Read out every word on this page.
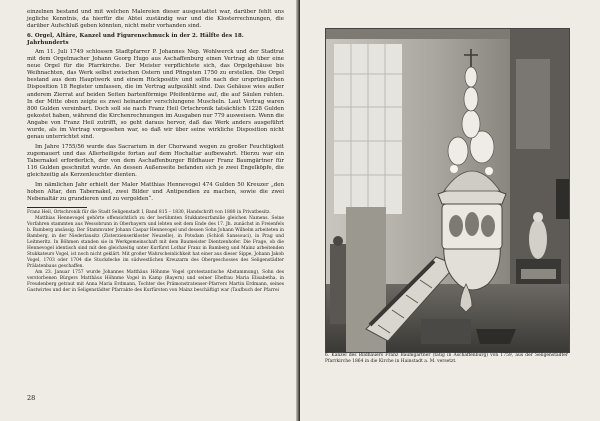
einzelnen bestand und mit welchen Malereien dieser ausgestattet war, darüber fehlt uns jegliche Kenntnis, da hierfür die Abtei zuständig war und die Klosterrechnungen, die darüber Aufschluß geben könnten, nicht mehr vorhanden sind.

6. Orgel, Altäre, Kanzel und Figurenschmuck in der 2. Hälfte des 18. Jahrhunderts

Am 11. Juli 1749 schlossen Stadtpfarrer P. Johannes Nep. Wohlwerck und der Stadtrat mit dem Orgelmacher Johann Georg Hugo aus Aschaffenburg einen Vertrag ab über eine neue Orgel für die Pfarrkirche. Der Meister verpflichtete sich, das Orgelgehäuse bis Weihnachten, das Werk selbst zwischen Ostern und Pfingsten 1750 zu erstellen. Die Orgel bestand aus dem Hauptwerk und einem Rückpositiv und sollte nach der ursprünglichen Disposition 18 Register umfassen, die im Vertrag aufgezählt sind. Das Gehäuse wies außer anderem Zierrat auf beiden Seiten bartenförmige Pfeifentürme auf, die auf Säulen ruhten. In der Mitte oben zeigte es zwei heinander verschlungene Muscheln. Laut Vertrag waren 800 Gulden vereinbart. Doch soll sie nach Franz Heil Ortschronik tatsächlich 1228 Gulden gekostet haben, während die Kirchenrechnungen im Ausgaben nur 779 ausweisen. Wenn die Angabe von Franz Heil zutrifft, so geht daraus hervor, daß das Werk anders ausgeführt wurde, als im Vertrag vorgesehen war, so daß wir über seine wirkliche Disposition nicht genau unterrichtet sind.

Im Jahre 1755/56 wurde das Sacrarium in der Chorwand wegen zu großer Feuchtigkeit zugemauert und das Allerheiligste fortan auf dem Hochaltar aufbewahrt. Hierzu war ein Tabernakel erforderlich, der von dem Aschaffenburger Bildhauer Franz Baumgärtner für 116 Gulden geschnitzt wurde. An dessen Außenseite befanden sich je zwei Engelköpfe, die gleichzeitig als Kerzenleuchter dienten.

Im nämlichen Jahr erhielt der Maler Matthias Hennevogel 474 Gulden 50 Kreuzer „den hohen Altar, den Tabernakel, zwei Bilder und Antipendien zu machen, sowie die zwei Nebenaltär zu grundieren und zu vergolden“.

Franz Heil, Ortschronik für die Stadt Seligenstadt I, Band 815 – 1830, Handschrift von 1880 in Privatbesitz.

Matthias Hennevogel gehörte offensichtlich zu der berühmten Stukkateurfamilie gleichen Namens. Seine Vorfahren stammten aus Wessobrunn in Oberbayern und lebten seit dem Ende des 17. Jh. zunächst in Freienfels b. Bamberg ansässig. Der Stammvater Johann Caspar Hennevogel und dessen Sohn Johann Wilhelm arbeiteten in Bamberg, in der Niederlausitz (Zisterzienserkloster Neuzelle), in Potsdam (Schloß Sanssouci), in Prag und Leitmeritz. In Böhmen standen sie in Werkgemeinschaft mit dem Baumeister Dientzenhofer. Die Frage, ob die Hennevogel identisch sind mit den gleichzeitig unter Kurfürst Lothar Franz in Bamberg und Mainz arbeitenden Stukkateurs Vogel, ist noch nicht geklärt. Mit großer Wahrscheinlichkeit hat einer aus dieser Sippe, Johann Jakob Vogel, 1703 oder 1704 die Stuckdecke im südwestlichen Kreuzarm des Obergeschosses des Seligenstädter Prälatenbaus geschaffen.

Am 23. Januar 1757 wurde Johannes Matthäus Höhnme Vogel (protestantische Abstammung), Sohn des verstorbenen Bürgers Matthäus Höhnme Vogel in Kamp (Bayern) und seiner Ehefrau Maria Elisabetha, in Freudenberg getraut mit Anna Maria Erdmann, Tochter des Prämonstratenser-Pfarrers Martin Erdmann, seines Gastwirtes und der in Seligenstädter Pfarrakte des Kurfürsten von Mainz beschäftigt war (Taufbuch der Pfarrei

28
6. Kanzel des Bildhauers Franz Baumgärtner (tätig in Aschaffenburg) von 1759, aus der Seligenstädter Pfarrkirche 1864 in die Kirche in Hainstadt a. M. versetzt.
